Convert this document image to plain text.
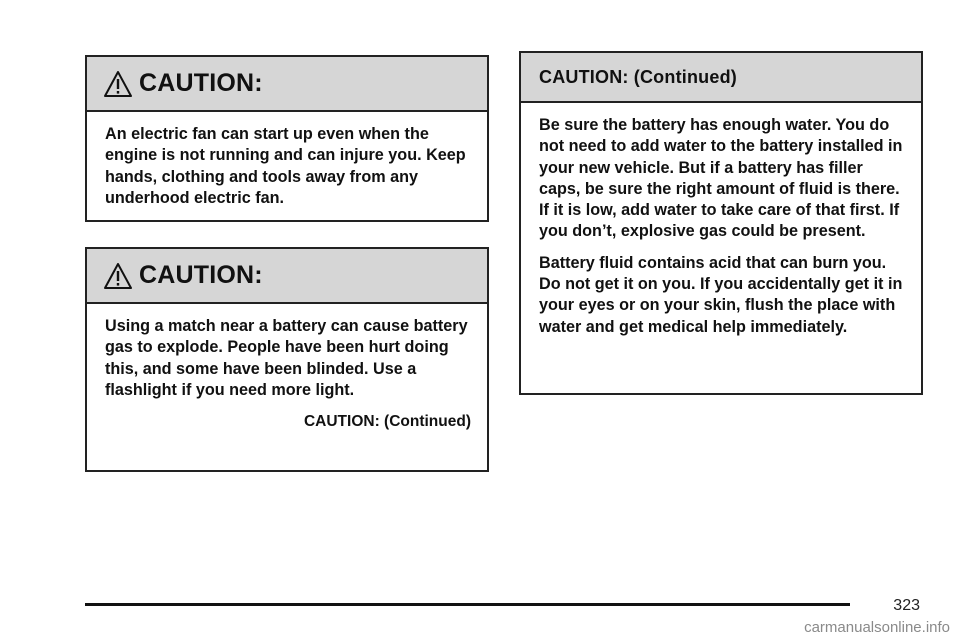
CAUTION:

An electric fan can start up even when the engine is not running and can injure you. Keep hands, clothing and tools away from any underhood electric fan.

CAUTION:

Using a match near a battery can cause battery gas to explode. People have been hurt doing this, and some have been blinded. Use a flashlight if you need more light.

CAUTION: (Continued)

CAUTION: (Continued)

Be sure the battery has enough water. You do not need to add water to the battery installed in your new vehicle. But if a battery has filler caps, be sure the right amount of fluid is there. If it is low, add water to take care of that first. If you don’t, explosive gas could be present.

Battery fluid contains acid that can burn you. Do not get it on you. If you accidentally get it in your eyes or on your skin, flush the place with water and get medical help immediately.

323
carmanualsonline.info
